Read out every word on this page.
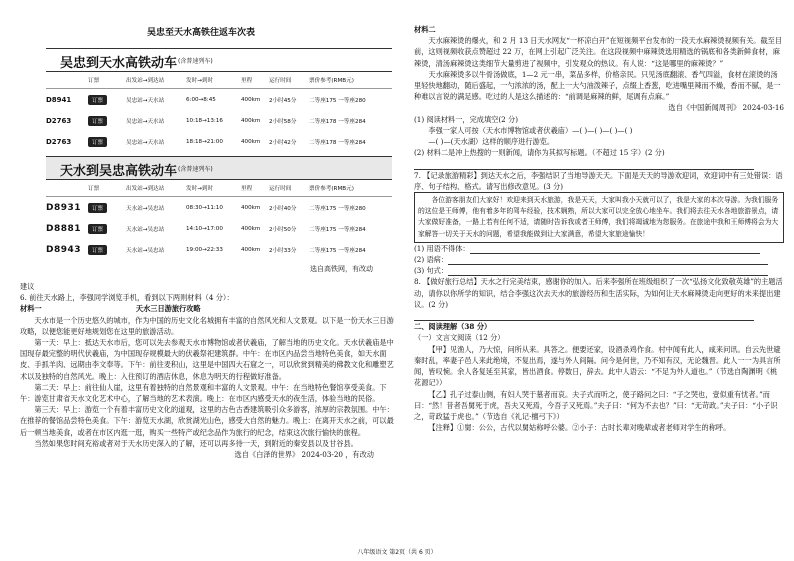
吴忠至天水高铁往返车次表
吴忠到天水高铁动车 (含普速列车)
订票	出发站→到达站	发时→到时	里程	运行时间	票价参考(RMB元)
D8941	订票	吴忠站→天水站	6:00→8:45	400km	2小时45分	二等座175 一等座280
D2763	订票	吴忠站→天水站	10:18→13:16	400km	2小时58分	二等座178 一等座284
D2763	订票	吴忠站→天水站	18:18→21:00	400km	2小时42分	二等座178 一等座284
天水到吴忠高铁动车 (含普速列车)
订票	出发站→到达站	发时→到时	里程	运行时间	票价参考(RMB元)
D8931	订票	天水站→吴忠站	08:30→11:10	400km	2小时40分	二等座175 一等座280
D8881	订票	天水站→吴忠站	14:10→17:00	400km	2小时50分	二等座175 一等座284
D8943	订票	天水站→吴忠站	19:00→22:33	400km	2小时33分	二等座175 一等座284
选自高铁网，有改动

建议

6. 前往天水路上，李强同学浏览手机，看到以下两则材料（4 分）：

材料一	天水三日游旅行攻略

天水市是一个历史悠久的城市，作为中国的历史文化名城拥有丰富的自然风光和人文景观。以下是一份天水三日游攻略，以便您能更好地规划您在这里的旅游活动。

第一天：早上：抵达天水市后，您可以先去参观天水市博物馆或者伏羲庙，了解当地的历史文化。天水伏羲庙是中国现存最完整的明代伏羲庙，为中国现存规模最大的伏羲祭祀建筑群。中午：在市区内品尝当地特色美食，如天水面皮、手抓羊肉、远期由李文奉等。下午：前往麦积山，这里是中国四大石窟之一，可以欣赏到精美的佛教文化和雕塑艺术以及独特的自然风光。晚上：入住预订的酒店休息，休息为明天的行程做好准备。

第二天：早上：前往仙人崖，这里有着独特的自然景观和丰富的人文景观。中午：在当地特色餐馆享受美食。下午：游览甘肃省天水文化艺术中心，了解当地的艺术表演。晚上：在市区内感受天水的夜生活，体验当地的民俗。

第三天：早上：游览一个有着丰富历史文化的道观，这里的古色古香建筑吸引众多游客，浓厚的宗教氛围。中午：在推荐的餐馆品尝特色美食。下午：游览天水湖，欣赏湖光山色，感受大自然的魅力。晚上：在离开天水之前，可以最后一顿当地美食，或者在市区内逛一逛，购买一些特产或纪念品作为旅行的纪念，结束这次旅行愉快的旅程。

当然如果您时间充裕或者对于天水历史深入的了解，还可以再多待一天，到附近的秦安县以及甘谷县。

选自《白泽的世界》 2024-03-20 ，有改动

材料二

天水麻辣烫的爆火，和 2 月 13 日天水网友“一杯凉白开”在短视频平台发布的一段天水麻辣烫视频有关。截至目前，这则视频收获点赞超过 22 万，在网上引起广泛关注。在这段视频中麻辣烫选用精选的锅底和各类新鲜食材，麻辣烫，清汤麻辣烫这类细节大量剪进了视频中，引发观众的热议。有人说：“这是哪里的麻辣烫？”

天水麻辣烫多以牛骨汤做底，1—2 元一串，菜品多样，价格亲民。只见汤底翻滚、香气四溢，食材在滚烫的汤里轻快地翻动，随后盛起，一勺浓浓的汤，配上一大勺油泼辣子，点缀上香葱，吃进嘴里辣而不燥，香而不腻，是一种难以言说的满足感。吃过的人是这么描述的：“前调是麻辣的鲜，尾调有点麻。”

选自《中国新闻周刊》 2024-03-16

(1) 阅读材料一，完成填空(2 分)

李强一家人可按（天水市博物馆或者伏羲庙）—( )—( )—( )—( )

—( )—(天水湖）这样的顺序进行游览。

(2) 材料二是冲上热搜的一则新闻，请你为其拟写标题。（不超过 15 字）(2 分)

7. 【记录旅游精彩】到达天水之后，李强结识了当地导游天天。下面是天天的导游欢迎词，欢迎词中有三处错误：语序、句子结构、格式。请写出修改意见。(3 分)

各位游客朋友们大家好！欢迎来到天水旅游，我是天天，大家叫我小天就可以了，我是大家的本次导游。为我们服务的这位是王师傅，他有着多年的驾车经验，技术娴熟，所以大家可以完全放心地坐车。我们将去往天水各地旅游景点，请大家做好准备，一路上若有任何不适，请随时告诉我或者王师傅，我们将竭诚地为您服务。在旅途中我和王师傅将会为大家解答一切关于天水的问题，希望我能做到让大家满意，希望大家旅途愉快！

(1) 用语不得体：

(2) 语病：

(3) 句式：

8. 【做好旅行总结】天水之行完美结束，感谢你的加入。后来李强所在班级组织了一次“弘扬文化致敬英雄”的主题活动，请你以你所学的知识，结合李强这次去天水的旅游经历和生活实际，为如何让天水麻辣烫走向更好的未来提出建议。(2 分)

二、阅读理解（38 分）

（一）文言文阅读（12 分）

【甲】见渔人，乃大惊，问所从来。具答之。便要还家，设酒杀鸡作食。村中闻有此人，咸来问讯。自云先世避秦时乱，率妻子邑人来此绝境，不复出焉，遂与外人间隔。问今是何世，乃不知有汉，无论魏晋。此人一一为具言所闻，皆叹惋。余人各复延至其家，皆出酒食。停数日，辞去。此中人语云：“不足为外人道也。”（节选自陶渊明《桃花源记》）

【乙】孔子过泰山侧，有妇人哭于墓者而哀。夫子式而听之，使子路问之曰：“子之哭也，壹似重有忧者。”而曰：“然！昔者吾舅死于虎，吾夫又死焉，今吾子又死焉。”夫子曰：“何为不去也？”曰：“无苛政。”夫子曰：“小子识之，苛政猛于虎也。”（节选自《礼记·檀弓下》）

【注释】①舅：公公，古代以舅姑称呼公婆。②小子：古时长辈对晚辈或者老师对学生的称呼。

八年级语文 第2页（共 6 页）
